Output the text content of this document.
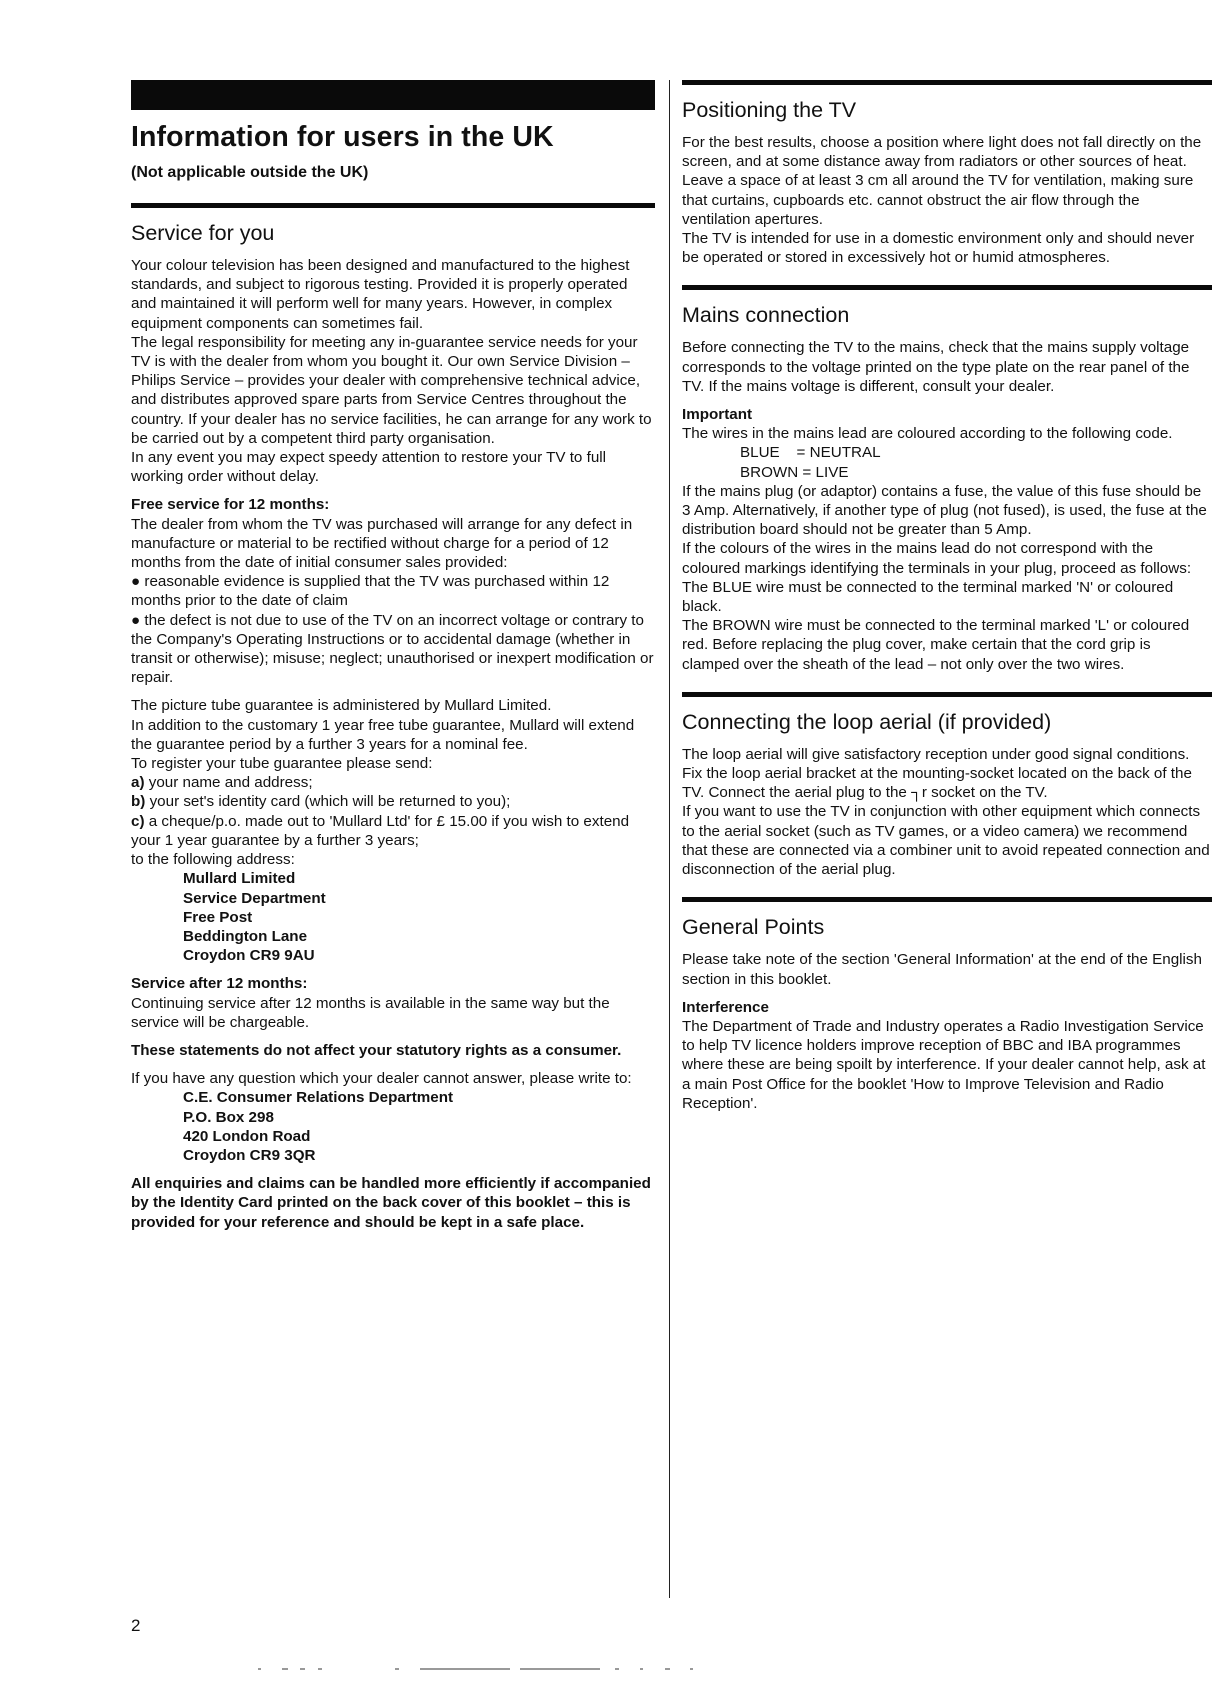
Information for users in the UK

(Not applicable outside the UK)

Service for you

Your colour television has been designed and manufactured to the highest standards, and subject to rigorous testing. Provided it is properly operated and maintained it will perform well for many years. However, in complex equipment components can sometimes fail.

The legal responsibility for meeting any in-guarantee service needs for your TV is with the dealer from whom you bought it. Our own Service Division – Philips Service – provides your dealer with comprehensive technical advice, and distributes approved spare parts from Service Centres throughout the country. If your dealer has no service facilities, he can arrange for any work to be carried out by a competent third party organisation.

In any event you may expect speedy attention to restore your TV to full working order without delay.

Free service for 12 months:

The dealer from whom the TV was purchased will arrange for any defect in manufacture or material to be rectified without charge for a period of 12 months from the date of initial consumer sales provided:

● reasonable evidence is supplied that the TV was purchased within 12 months prior to the date of claim

● the defect is not due to use of the TV on an incorrect voltage or contrary to the Company's Operating Instructions or to accidental damage (whether in transit or otherwise); misuse; neglect; unauthorised or inexpert modification or repair.

The picture tube guarantee is administered by Mullard Limited.

In addition to the customary 1 year free tube guarantee, Mullard will extend the guarantee period by a further 3 years for a nominal fee.

To register your tube guarantee please send:

a) your name and address;

b) your set's identity card (which will be returned to you);

c) a cheque/p.o. made out to 'Mullard Ltd' for £ 15.00 if you wish to extend your 1 year guarantee by a further 3 years;

to the following address:

Mullard Limited

Service Department

Free Post

Beddington Lane

Croydon CR9 9AU

Service after 12 months:

Continuing service after 12 months is available in the same way but the service will be chargeable.

These statements do not affect your statutory rights as a consumer.

If you have any question which your dealer cannot answer, please write to:

C.E. Consumer Relations Department

P.O. Box 298

420 London Road

Croydon CR9 3QR

All enquiries and claims can be handled more efficiently if accompanied by the Identity Card printed on the back cover of this booklet – this is provided for your reference and should be kept in a safe place.

Positioning the TV

For the best results, choose a position where light does not fall directly on the screen, and at some distance away from radiators or other sources of heat. Leave a space of at least 3 cm all around the TV for ventilation, making sure that curtains, cupboards etc. cannot obstruct the air flow through the ventilation apertures.

The TV is intended for use in a domestic environment only and should never be operated or stored in excessively hot or humid atmospheres.

Mains connection

Before connecting the TV to the mains, check that the mains supply voltage corresponds to the voltage printed on the type plate on the rear panel of the TV. If the mains voltage is different, consult your dealer.

Important

The wires in the mains lead are coloured according to the following code.

BLUE    = NEUTRAL

BROWN = LIVE

If the mains plug (or adaptor) contains a fuse, the value of this fuse should be 3 Amp. Alternatively, if another type of plug (not fused), is used, the fuse at the distribution board should not be greater than 5 Amp.

If the colours of the wires in the mains lead do not correspond with the coloured markings identifying the terminals in your plug, proceed as follows:

The BLUE wire must be connected to the terminal marked 'N' or coloured black.

The BROWN wire must be connected to the terminal marked 'L' or coloured red. Before replacing the plug cover, make certain that the cord grip is clamped over the sheath of the lead – not only over the two wires.

Connecting the loop aerial (if provided)

The loop aerial will give satisfactory reception under good signal conditions. Fix the loop aerial bracket at the mounting-socket located on the back of the TV. Connect the aerial plug to the ┐r socket on the TV.

If you want to use the TV in conjunction with other equipment which connects to the aerial socket (such as TV games, or a video camera) we recommend that these are connected via a combiner unit to avoid repeated connection and disconnection of the aerial plug.

General Points

Please take note of the section 'General Information' at the end of the English section in this booklet.

Interference

The Department of Trade and Industry operates a Radio Investigation Service to help TV licence holders improve reception of BBC and IBA programmes where these are being spoilt by interference. If your dealer cannot help, ask at a main Post Office for the booklet 'How to Improve Television and Radio Reception'.

2
